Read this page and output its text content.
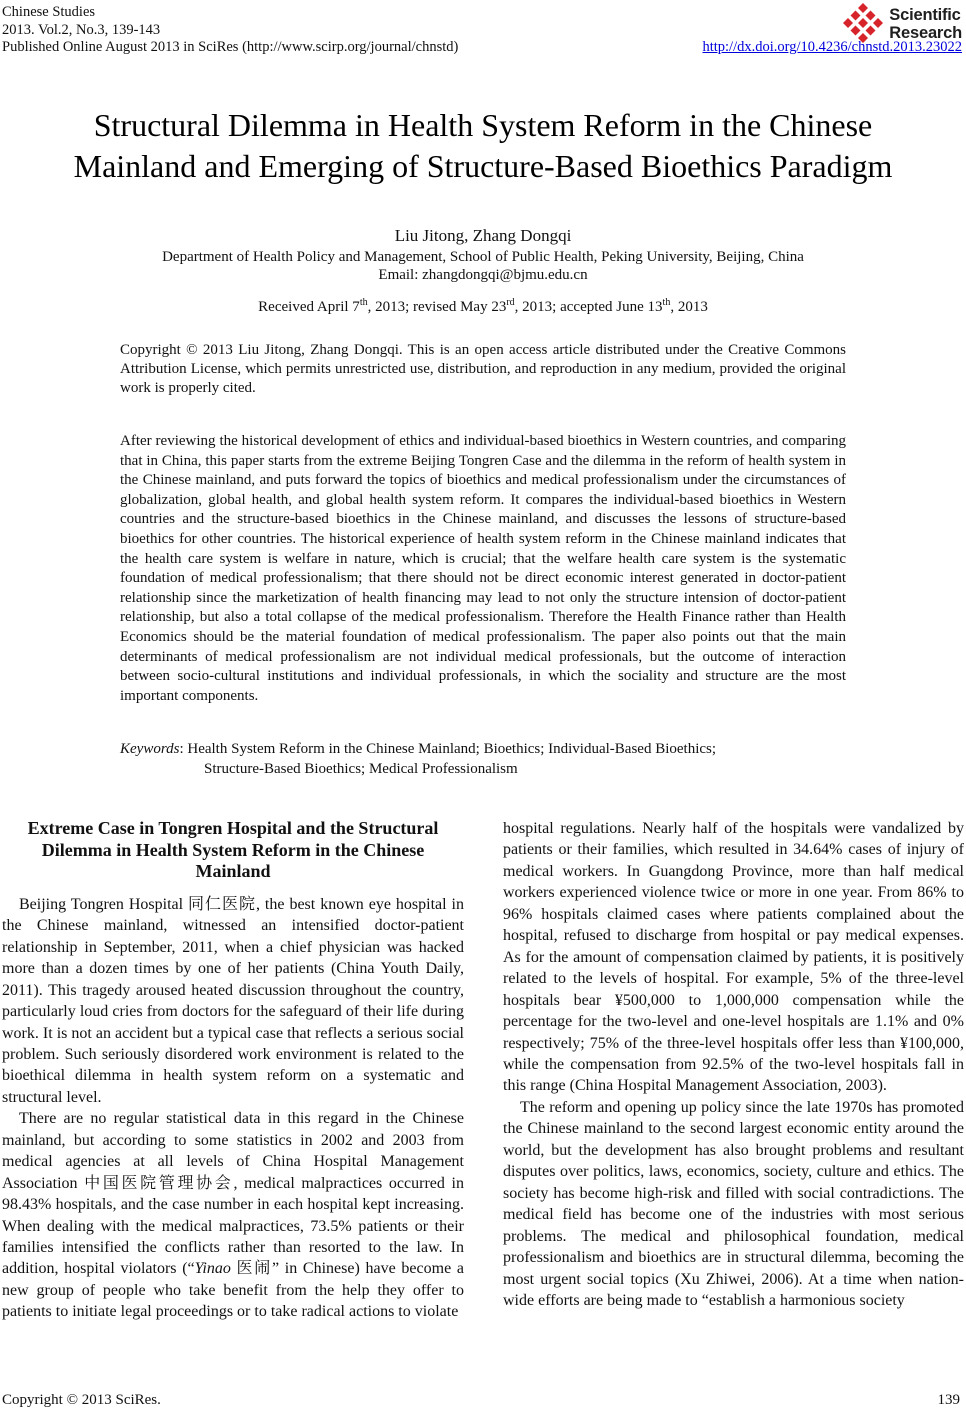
Chinese Studies
2013. Vol.2, No.3, 139-143
Published Online August 2013 in SciRes (http://www.scirp.org/journal/chnstd)
Scientific
Research
http://dx.doi.org/10.4236/chnstd.2013.23022
Structural Dilemma in Health System Reform in the Chinese Mainland and Emerging of Structure-Based Bioethics Paradigm
Liu Jitong, Zhang Dongqi
Department of Health Policy and Management, School of Public Health, Peking University, Beijing, China
Email: zhangdongqi@bjmu.edu.cn
Received April 7th, 2013; revised May 23rd, 2013; accepted June 13th, 2013
Copyright © 2013 Liu Jitong, Zhang Dongqi. This is an open access article distributed under the Creative Commons Attribution License, which permits unrestricted use, distribution, and reproduction in any medium, provided the original work is properly cited.
After reviewing the historical development of ethics and individual-based bioethics in Western countries, and comparing that in China, this paper starts from the extreme Beijing Tongren Case and the dilemma in the reform of health system in the Chinese mainland, and puts forward the topics of bioethics and medical professionalism under the circumstances of globalization, global health, and global health system reform. It compares the individual-based bioethics in Western countries and the structure-based bioethics in the Chinese mainland, and discusses the lessons of structure-based bioethics for other countries. The historical experience of health system reform in the Chinese mainland indicates that the health care system is welfare in nature, which is crucial; that the welfare health care system is the systematic foundation of medical professionalism; that there should not be direct economic interest generated in doctor-patient relationship since the marketization of health financing may lead to not only the structure intension of doctor-patient relationship, but also a total collapse of the medical professionalism. Therefore the Health Finance rather than Health Economics should be the material foundation of medical professionalism. The paper also points out that the main determinants of medical professionalism are not individual medical professionals, but the outcome of interaction between socio-cultural institutions and individual professionals, in which the sociality and structure are the most important components.
Keywords: Health System Reform in the Chinese Mainland; Bioethics; Individual-Based Bioethics;
Structure-Based Bioethics; Medical Professionalism
Extreme Case in Tongren Hospital and the Structural Dilemma in Health System Reform in the Chinese Mainland

Beijing Tongren Hospital 同仁医院, the best known eye hospital in the Chinese mainland, witnessed an intensified doctor-patient relationship in September, 2011, when a chief physician was hacked more than a dozen times by one of her patients (China Youth Daily, 2011). This tragedy aroused heated discussion throughout the country, particularly loud cries from doctors for the safeguard of their life during work. It is not an accident but a typical case that reflects a serious social problem. Such seriously disordered work environment is related to the bioethical dilemma in health system reform on a systematic and structural level.

There are no regular statistical data in this regard in the Chinese mainland, but according to some statistics in 2002 and 2003 from medical agencies at all levels of China Hospital Management Association 中国医院管理协会, medical malpractices occurred in 98.43% hospitals, and the case number in each hospital kept increasing. When dealing with the medical malpractices, 73.5% patients or their families intensified the conflicts rather than resorted to the law. In addition, hospital violators (“Yinao 医闹” in Chinese) have become a new group of people who take benefit from the help they offer to patients to initiate legal proceedings or to take radical actions to violate

hospital regulations. Nearly half of the hospitals were vandalized by patients or their families, which resulted in 34.64% cases of injury of medical workers. In Guangdong Province, more than half medical workers experienced violence twice or more in one year. From 86% to 96% hospitals claimed cases where patients complained about the hospital, refused to discharge from hospital or pay medical expenses. As for the amount of compensation claimed by patients, it is positively related to the levels of hospital. For example, 5% of the three-level hospitals bear ¥500,000 to 1,000,000 compensation while the percentage for the two-level and one-level hospitals are 1.1% and 0% respectively; 75% of the three-level hospitals offer less than ¥100,000, while the compensation from 92.5% of the two-level hospitals fall in this range (China Hospital Management Association, 2003).

The reform and opening up policy since the late 1970s has promoted the Chinese mainland to the second largest economic entity around the world, but the development has also brought problems and resultant disputes over politics, laws, economics, society, culture and ethics. The society has become high-risk and filled with social contradictions. The medical field has become one of the industries with most serious problems. The medical and philosophical foundation, medical professionalism and bioethics are in structural dilemma, becoming the most urgent social topics (Xu Zhiwei, 2006). At a time when nation-wide efforts are being made to “establish a harmonious society

Copyright © 2013 SciRes.	139
